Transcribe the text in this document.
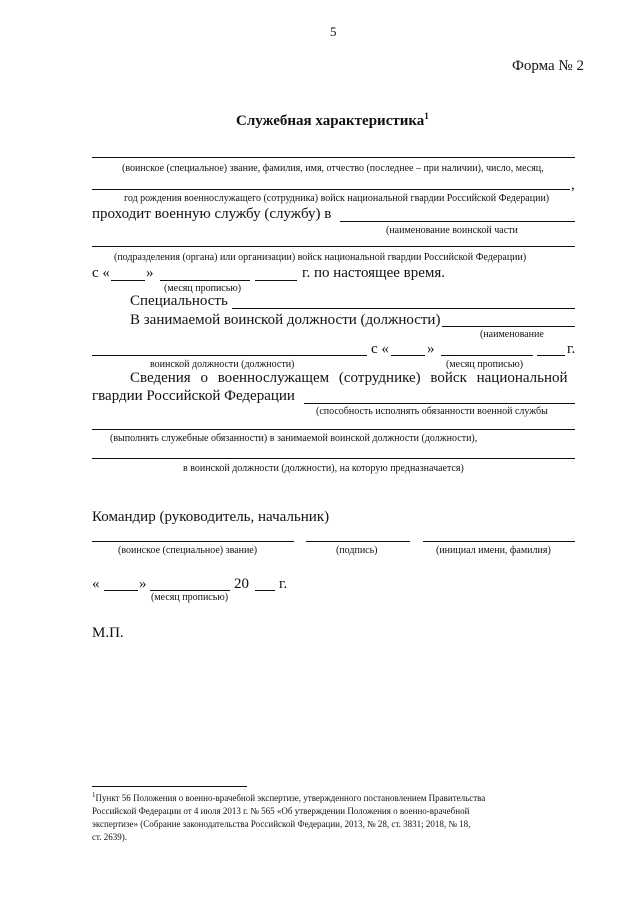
5
Форма № 2
Служебная характеристика$^1$
(воинское (специальное) звание, фамилия, имя, отчество (последнее – при наличии), число, месяц,
,
год рождения военнослужащего (сотрудника) войск национальной гвардии Российской Федерации)
проходит военную службу (службу) в
(наименование воинской части
(подразделения (органа) или организации) войск национальной гвардии Российской Федерации)
с « »	г. по настоящее время.
(месяц прописью)
Специальность
В занимаемой воинской должности (должности)
(наименование
с «	»	г.
воинской должности (должности)	(месяц прописью)
Сведения о военнослужащем (сотруднике) войск национальной
гвардии Российской Федерации
(способность исполнять обязанности военной службы
(выполнять служебные обязанности) в занимаемой воинской должности (должности),
в воинской должности (должности), на которую предназначается)
Командир (руководитель, начальник)
(воинское (специальное) звание)	(подпись)	(инициал имени, фамилия)
«	»	20 г.
(месяц прописью)
М.П.
$^1$Пункт 56 Положения о военно-врачебной экспертизе, утвержденного постановлением Правительства
Российской Федерации от 4 июля 2013 г. № 565 «Об утверждении Положения о военно-врачебной
экспертизе» (Собрание законодательства Российской Федерации, 2013, № 28, ст. 3831; 2018, № 18,
ст. 2639).
